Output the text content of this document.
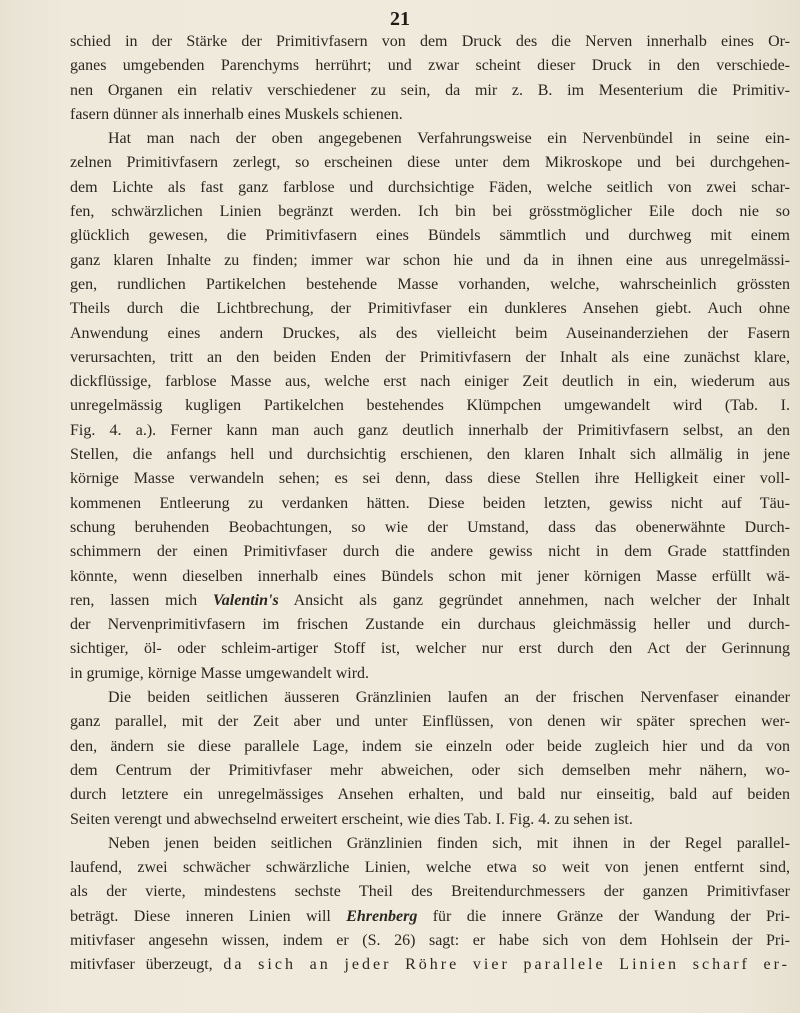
21
schied in der Stärke der Primitivfasern von dem Druck des die Nerven innerhalb eines Or-
ganes umgebenden Parenchyms herrührt; und zwar scheint dieser Druck in den verschiede-
nen Organen ein relativ verschiedener zu sein, da mir z. B. im Mesenterium die Primitiv-
fasern dünner als innerhalb eines Muskels schienen.
Hat man nach der oben angegebenen Verfahrungsweise ein Nervenbündel in seine ein-
zelnen Primitivfasern zerlegt, so erscheinen diese unter dem Mikroskope und bei durchgehen-
dem Lichte als fast ganz farblose und durchsichtige Fäden, welche seitlich von zwei schar-
fen, schwärzlichen Linien begränzt werden. Ich bin bei grösstmöglicher Eile doch nie so
glücklich gewesen, die Primitivfasern eines Bündels sämmtlich und durchweg mit einem
ganz klaren Inhalte zu finden; immer war schon hie und da in ihnen eine aus unregelmässi-
gen, rundlichen Partikelchen bestehende Masse vorhanden, welche, wahrscheinlich grössten
Theils durch die Lichtbrechung, der Primitivfaser ein dunkleres Ansehen giebt. Auch ohne
Anwendung eines andern Druckes, als des vielleicht beim Auseinanderziehen der Fasern
verursachten, tritt an den beiden Enden der Primitivfasern der Inhalt als eine zunächst klare,
dickflüssige, farblose Masse aus, welche erst nach einiger Zeit deutlich in ein, wiederum aus
unregelmässig kugligen Partikelchen bestehendes Klümpchen umgewandelt wird (Tab. I.
Fig. 4. a.). Ferner kann man auch ganz deutlich innerhalb der Primitivfasern selbst, an den
Stellen, die anfangs hell und durchsichtig erschienen, den klaren Inhalt sich allmälig in jene
körnige Masse verwandeln sehen; es sei denn, dass diese Stellen ihre Helligkeit einer voll-
kommenen Entleerung zu verdanken hätten. Diese beiden letzten, gewiss nicht auf Täu-
schung beruhenden Beobachtungen, so wie der Umstand, dass das obenerwähnte Durch-
schimmern der einen Primitivfaser durch die andere gewiss nicht in dem Grade stattfinden
könnte, wenn dieselben innerhalb eines Bündels schon mit jener körnigen Masse erfüllt wä-
ren, lassen mich Valentin's Ansicht als ganz gegründet annehmen, nach welcher der Inhalt
der Nervenprimitivfasern im frischen Zustande ein durchaus gleichmässig heller und durch-
sichtiger, öl- oder schleim-artiger Stoff ist, welcher nur erst durch den Act der Gerinnung
in grumige, körnige Masse umgewandelt wird.
Die beiden seitlichen äusseren Gränzlinien laufen an der frischen Nervenfaser einander
ganz parallel, mit der Zeit aber und unter Einflüssen, von denen wir später sprechen wer-
den, ändern sie diese parallele Lage, indem sie einzeln oder beide zugleich hier und da von
dem Centrum der Primitivfaser mehr abweichen, oder sich demselben mehr nähern, wo-
durch letztere ein unregelmässiges Ansehen erhalten, und bald nur einseitig, bald auf beiden
Seiten verengt und abwechselnd erweitert erscheint, wie dies Tab. I. Fig. 4. zu sehen ist.
Neben jenen beiden seitlichen Gränzlinien finden sich, mit ihnen in der Regel parallel-
laufend, zwei schwächer schwärzliche Linien, welche etwa so weit von jenen entfernt sind,
als der vierte, mindestens sechste Theil des Breitendurchmessers der ganzen Primitivfaser
beträgt. Diese inneren Linien will Ehrenberg für die innere Gränze der Wandung der Pri-
mitivfaser angesehn wissen, indem er (S. 26) sagt: er habe sich von dem Hohlsein der Pri-
mitivfaser überzeugt, da sich an jeder Röhre vier parallele Linien scharf er-
